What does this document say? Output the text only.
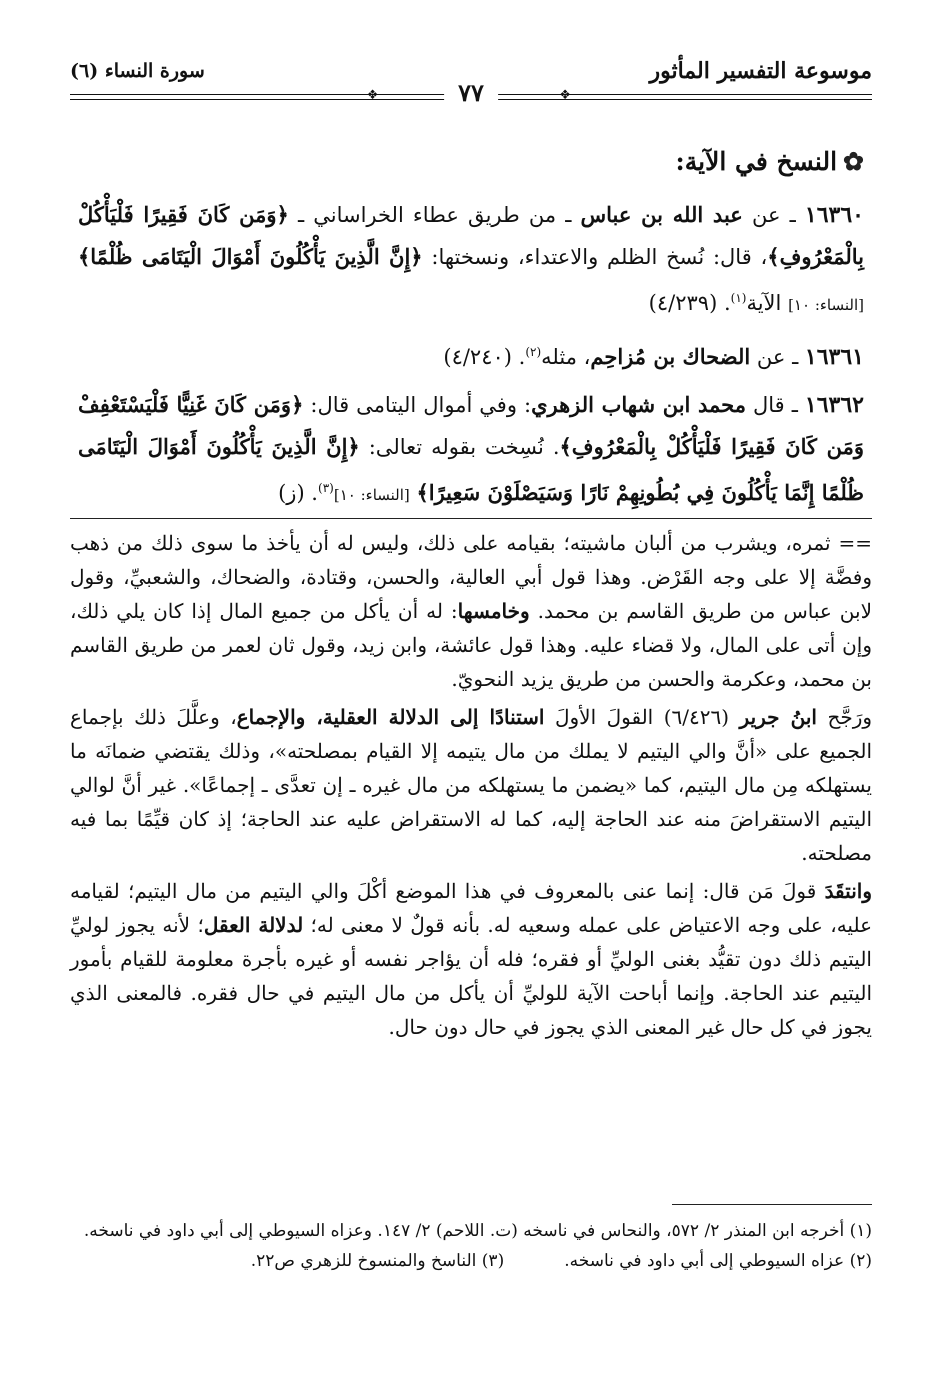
موسوعة التفسير المأثور
سورة النساء (٦)
❖	٧٧	❖
✿النسخ في الآية:

١٦٣٦٠ ـ عن عبد الله بن عباس ـ من طريق عطاء الخراساني ـ ﴿وَمَن كَانَ فَقِيرًا فَلْيَأْكُلْ بِالْمَعْرُوفِ﴾، قال: نُسخ الظلم والاعتداء، ونسختها: ﴿إِنَّ الَّذِينَ يَأْكُلُونَ أَمْوَالَ الْيَتَامَى ظُلْمًا﴾ [النساء: ١٠] الآية$^{(١)}$. (٤/٢٣٩)

١٦٣٦١ ـ عن الضحاك بن مُزاحِم، مثله$^{(٢)}$. (٤/٢٤٠)

١٦٣٦٢ ـ قال محمد ابن شهاب الزهري: وفي أموال اليتامى قال: ﴿وَمَن كَانَ غَنِيًّا فَلْيَسْتَعْفِفْ وَمَن كَانَ فَقِيرًا فَلْيَأْكُلْ بِالْمَعْرُوفِ﴾. نُسِخت بقوله تعالى: ﴿إِنَّ الَّذِينَ يَأْكُلُونَ أَمْوَالَ الْيَتَامَى ظُلْمًا إِنَّمَا يَأْكُلُونَ فِي بُطُونِهِمْ نَارًا وَسَيَصْلَوْنَ سَعِيرًا﴾ [النساء: ١٠]$^{(٣)}$. (ز)

== ثمره، ويشرب من ألبان ماشيته؛ بقيامه على ذلك، وليس له أن يأخذ ما سوى ذلك من ذهب وفضَّة إلا على وجه القَرْض. وهذا قول أبي العالية، والحسن، وقتادة، والضحاك، والشعبيِّ، وقول لابن عباس من طريق القاسم بن محمد. وخامسها: له أن يأكل من جميع المال إذا كان يلي ذلك، وإن أتى على المال، ولا قضاء عليه. وهذا قول عائشة، وابن زيد، وقول ثان لعمر من طريق القاسم بن محمد، وعكرمة والحسن من طريق يزيد النحويّ.

ورَجَّح ابنُ جرير (٦/٤٢٦) القولَ الأولَ استنادًا إلى الدلالة العقلية، والإجماع، وعلَّلَ ذلك بإجماع الجميع على «أنَّ والي اليتيم لا يملك من مال يتيمه إلا القيام بمصلحته»، وذلك يقتضي ضمانَه ما يستهلكه مِن مال اليتيم، كما «يضمن ما يستهلكه من مال غيره ـ إن تعدَّى ـ إجماعًا». غير أنَّ لوالي اليتيم الاستقراضَ منه عند الحاجة إليه، كما له الاستقراض عليه عند الحاجة؛ إذ كان قيِّمًا بما فيه مصلحته.

وانتقَدَ قولَ مَن قال: إنما عنى بالمعروف في هذا الموضع أكْلَ والي اليتيم من مال اليتيم؛ لقيامه عليه، على وجه الاعتياض على عمله وسعيه له. بأنه قولٌ لا معنى له؛ لدلالة العقل؛ لأنه يجوز لوليِّ اليتيم ذلك دون تقيُّد بغنى الوليِّ أو فقره؛ فله أن يؤاجر نفسه أو غيره بأجرة معلومة للقيام بأمور اليتيم عند الحاجة. وإنما أباحت الآية للوليِّ أن يأكل من مال اليتيم في حال فقره. فالمعنى الذي يجوز في كل حال غير المعنى الذي يجوز في حال دون حال.

(١) أخرجه ابن المنذر ٢/ ٥٧٢، والنحاس في ناسخه (ت. اللاحم) ٢/ ١٤٧. وعزاه السيوطي إلى أبي داود في ناسخه.

(٢) عزاه السيوطي إلى أبي داود في ناسخه.
(٣) الناسخ والمنسوخ للزهري ص٢٢.
